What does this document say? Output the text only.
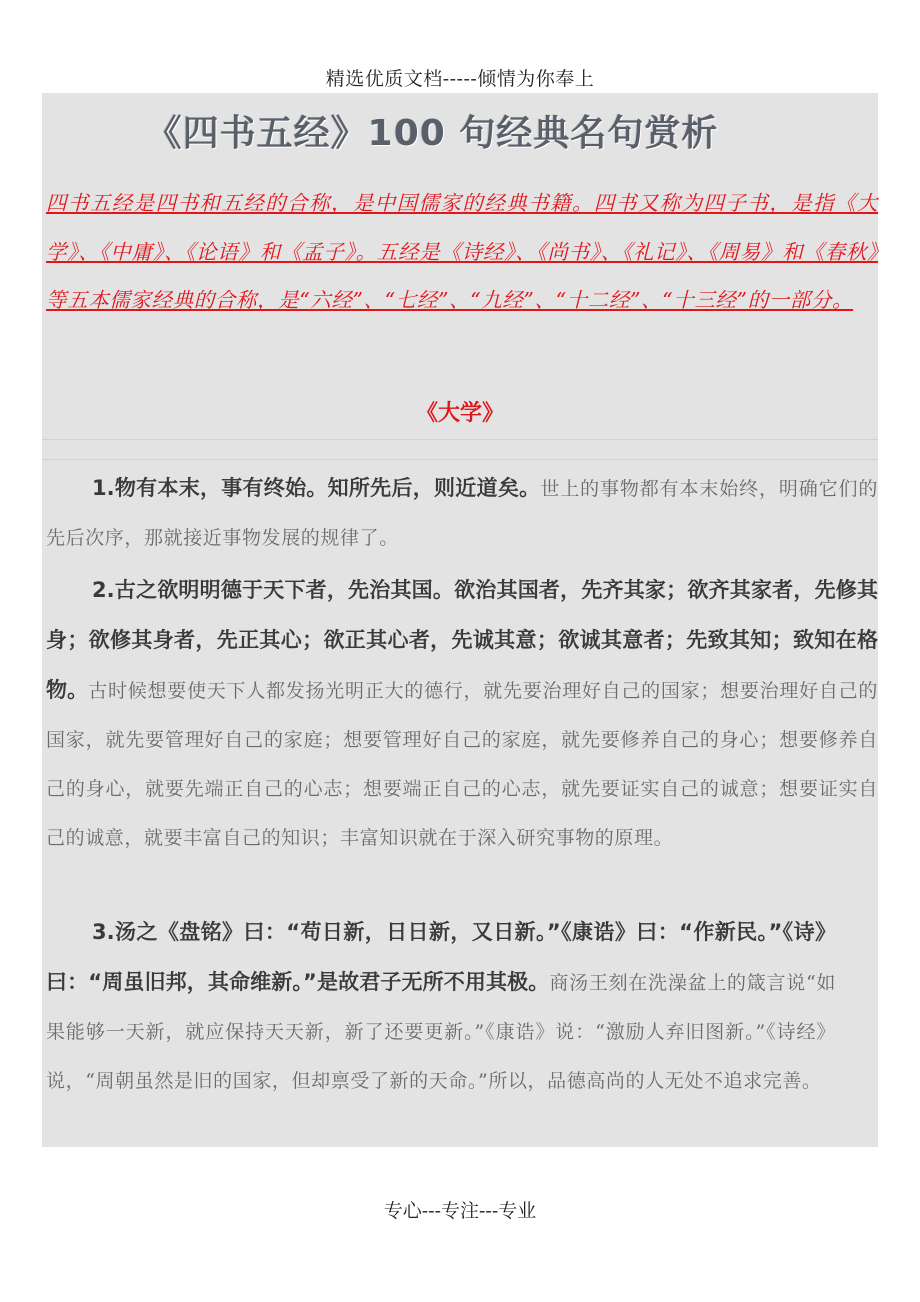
精选优质文档-----倾情为你奉上
《四书五经》100 句经典名句赏析
四书五经是四书和五经的合称，是中国儒家的经典书籍。四书又称为四子书，是指《大学》、《中庸》、《论语》和《孟子》。五经是《诗经》、《尚书》、《礼记》、《周易》和《春秋》等五本儒家经典的合称，是“六经”、“七经”、“九经”、“十二经”、“十三经”的一部分。
《大学》
1.物有本末，事有终始。知所先后，则近道矣。世上的事物都有本末始终，明确它们的先后次序，那就接近事物发展的规律了。
2.古之欲明明德于天下者，先治其国。欲治其国者，先齐其家；欲齐其家者，先修其身；欲修其身者，先正其心；欲正其心者，先诚其意；欲诚其意者；先致其知；致知在格物。古时候想要使天下人都发扬光明正大的德行，就先要治理好自己的国家；想要治理好自己的国家，就先要管理好自己的家庭；想要管理好自己的家庭，就先要修养自己的身心；想要修养自己的身心，就要先端正自己的心志；想要端正自己的心志，就先要证实自己的诚意；想要证实自己的诚意，就要丰富自己的知识；丰富知识就在于深入研究事物的原理。
3.汤之《盘铭》曰：“苟日新，日日新，又日新。”《康诰》曰：“作新民。”《诗》曰：“周虽旧邦，其命维新。”是故君子无所不用其极。商汤王刻在洗澡盆上的箴言说“如果能够一天新，就应保持天天新，新了还要更新。”《康诰》说：“激励人弃旧图新。”《诗经》说，“周朝虽然是旧的国家，但却禀受了新的天命。”所以，品德高尚的人无处不追求完善。
专心---专注---专业
